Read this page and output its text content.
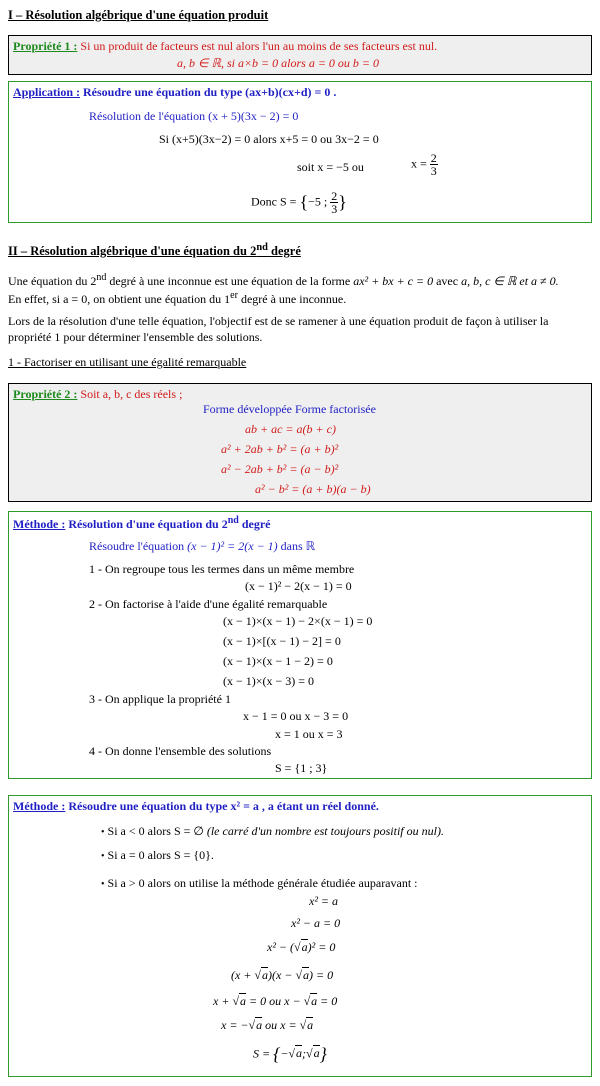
I – Résolution algébrique d'une équation produit
Propriété 1 : Si un produit de facteurs est nul alors l'un au moins de ses facteurs est nul.
a, b ∈ ℝ, si a×b = 0 alors a = 0 ou b = 0
Application : Résoudre une équation du type (ax+b)(cx+d) = 0 .
Résolution de l'équation (x + 5)(3x − 2) = 0
Si (x+5)(3x−2) = 0 alors x+5 = 0 ou 3x−2 = 0
soit x = −5 ou	$x = \frac{2}{3}$
Donc S = {−5 ; $\frac{2}{3}$ }
II – Résolution algébrique d'une équation du 2nd degré
Une équation du 2nd degré à une inconnue est une équation de la forme ax² + bx + c = 0 avec a, b, c ∈ ℝ et a ≠ 0.
En effet, si a = 0, on obtient une équation du 1er degré à une inconnue.
Lors de la résolution d'une telle équation, l'objectif est de se ramener à une équation produit de façon à utiliser la
propriété 1 pour déterminer l'ensemble des solutions.
1 - Factoriser en utilisant une égalité remarquable
Propriété 2 : Soit a, b, c des réels ;
Forme développée Forme factorisée
ab + ac = a(b + c)
a² + 2ab + b² = (a + b)²
a² − 2ab + b² = (a − b)²
a² − b² = (a + b)(a − b)
Méthode : Résolution d'une équation du 2nd degré
Résoudre l'équation (x − 1)² = 2(x − 1) dans ℝ
1 - On regroupe tous les termes dans un même membre
(x − 1)² − 2(x − 1) = 0
2 - On factorise à l'aide d'une égalité remarquable
(x − 1)×(x − 1) − 2×(x − 1) = 0
(x − 1)×[(x − 1) − 2] = 0
(x − 1)×(x − 1 − 2) = 0
(x − 1)×(x − 3) = 0
3 - On applique la propriété 1
x − 1 = 0 ou x − 3 = 0
x = 1 ou x = 3
4 - On donne l'ensemble des solutions
S = {1 ; 3}
Méthode : Résoudre une équation du type x² = a , a étant un réel donné.
• Si a < 0 alors S = ∅ (le carré d'un nombre est toujours positif ou nul).
• Si a = 0 alors S = {0}.
• Si a > 0 alors on utilise la méthode générale étudiée auparavant :
x² = a
x² − a = 0
x² − (√a)² = 0
(x + √a)(x − √a) = 0
x + √a = 0 ou x − √a = 0
x = −√a ou x = √a
S = {−√a;√a}
